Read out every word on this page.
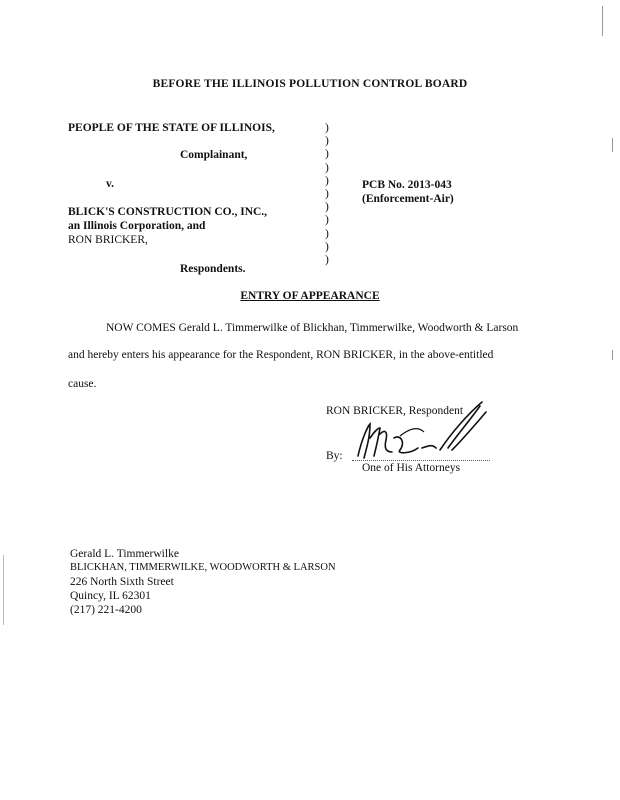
BEFORE THE ILLINOIS POLLUTION CONTROL BOARD
PEOPLE OF THE STATE OF ILLINOIS,
Complainant,
v.
BLICK'S CONSTRUCTION CO., INC.,
an Illinois Corporation, and
RON BRICKER,
Respondents.
)
)
)
)
)
)
)
)
)
)
)
PCB No. 2013-043
(Enforcement-Air)
ENTRY OF APPEARANCE
NOW COMES Gerald L. Timmerwilke of Blickhan, Timmerwilke, Woodworth & Larson
and hereby enters his appearance for the Respondent, RON BRICKER, in the above-entitled
cause.
RON BRICKER, Respondent
By:
One of His Attorneys
Gerald L. Timmerwilke
BLICKHAN, TIMMERWILKE, WOODWORTH & LARSON
226 North Sixth Street
Quincy, IL 62301
(217) 221-4200
